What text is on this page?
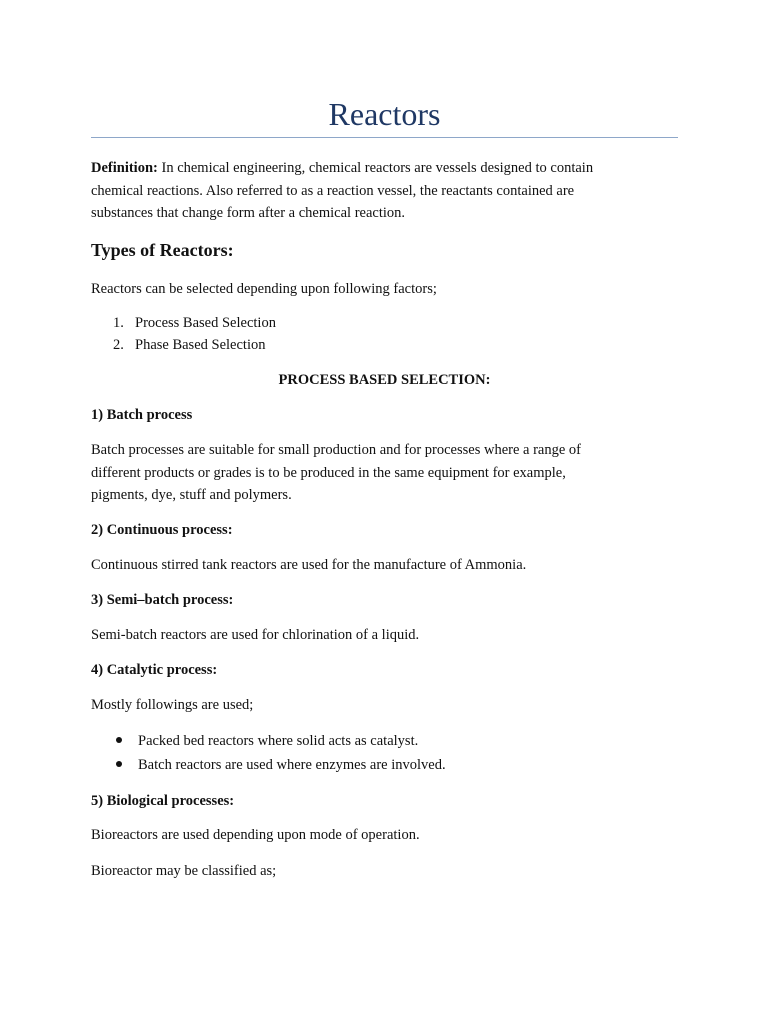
Reactors
Definition: In chemical engineering, chemical reactors are vessels designed to contain
chemical reactions. Also referred to as a reaction vessel, the reactants contained are
substances that change form after a chemical reaction.
Types of Reactors:
Reactors can be selected depending upon following factors;
1. Process Based Selection
2. Phase Based Selection
PROCESS BASED SELECTION:
1) Batch process
Batch processes are suitable for small production and for processes where a range of
different products or grades is to be produced in the same equipment for example,
pigments, dye, stuff and polymers.
2) Continuous process:
Continuous stirred tank reactors are used for the manufacture of Ammonia.
3) Semi–batch process:
Semi-batch reactors are used for chlorination of a liquid.
4) Catalytic process:
Mostly followings are used;
Packed bed reactors where solid acts as catalyst.
Batch reactors are used where enzymes are involved.
5) Biological processes:
Bioreactors are used depending upon mode of operation.
Bioreactor may be classified as;
